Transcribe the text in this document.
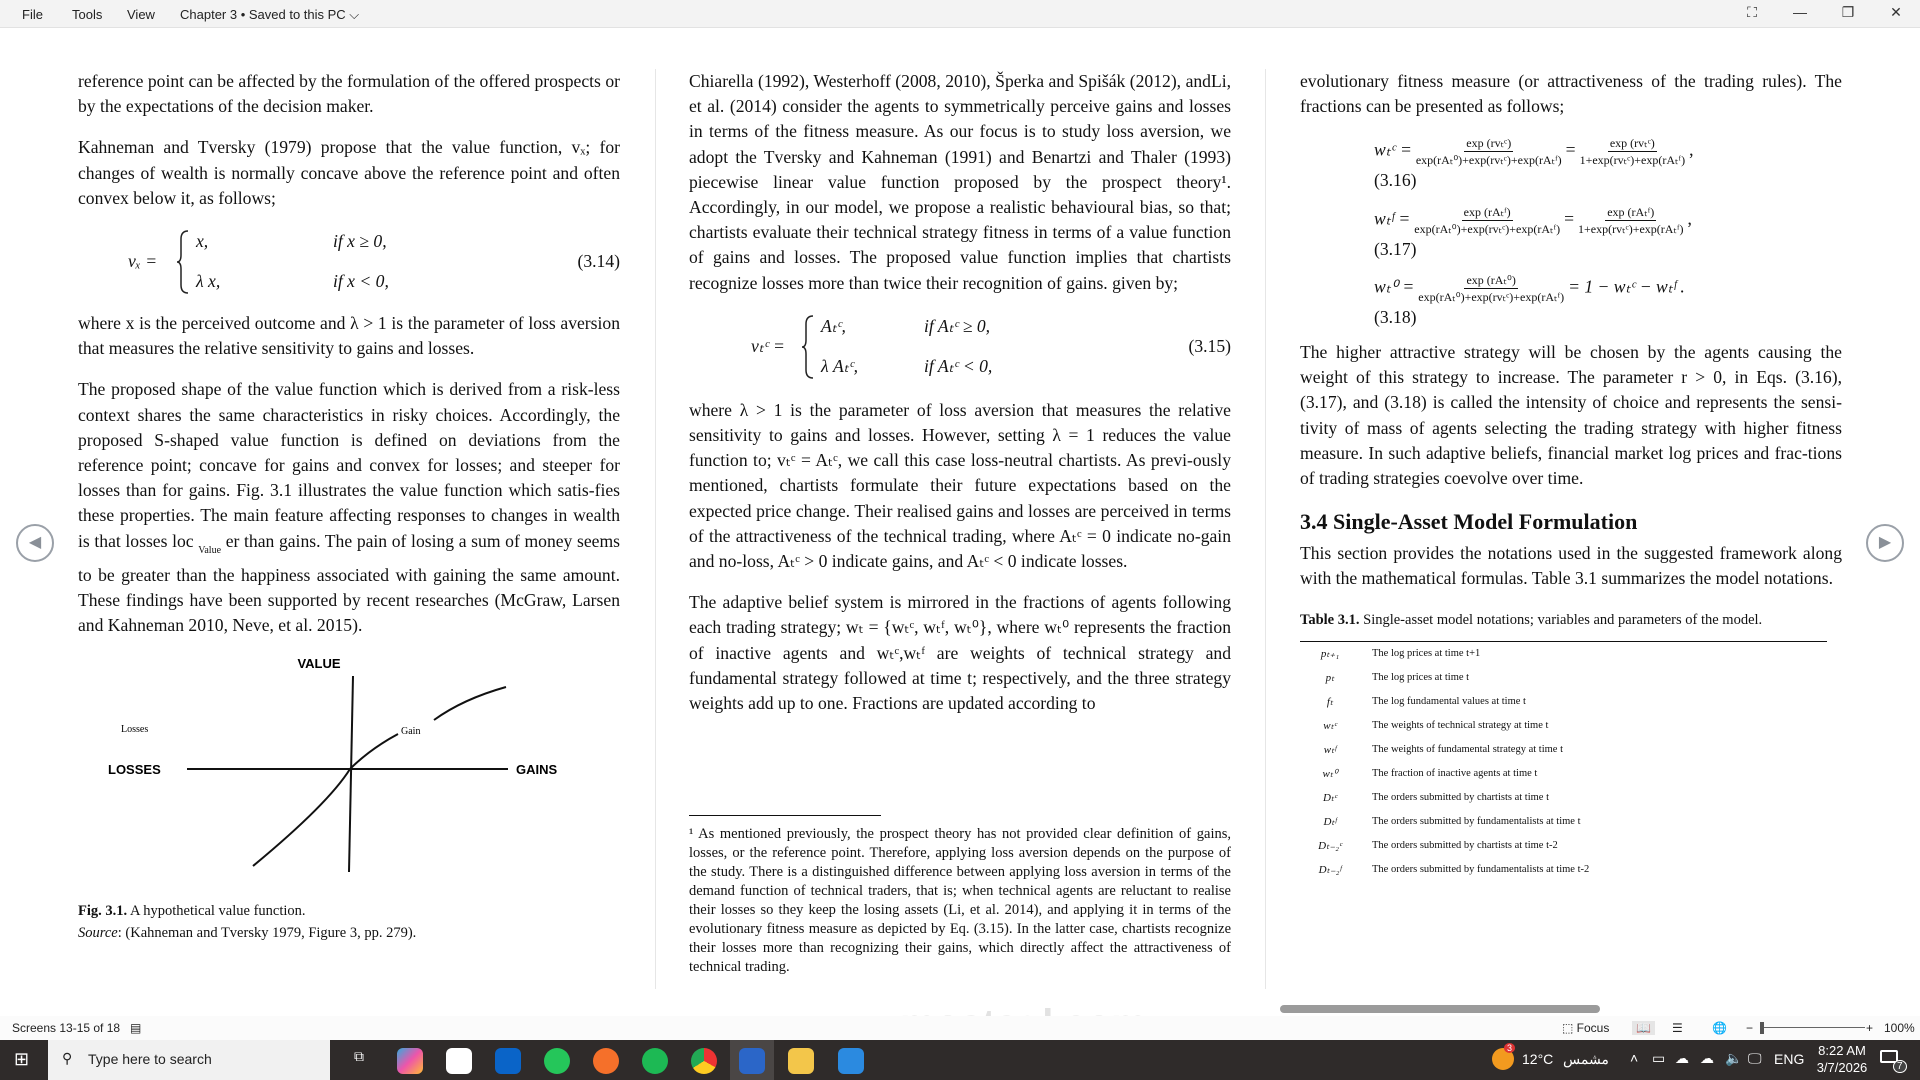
File Tools View Chapter 3 • Saved to this PC ⌵	⛶	—	❐	✕

reference point can be affected by the formulation of the offered prospects or by the expectations of the decision maker.

Kahneman and Tversky (1979) propose that the value function, vₓ; for changes of wealth is normally concave above the reference point and often convex below it, as follows;

vₓ =
x,	if x ≥ 0,
λ x,	if x < 0,
(3.14)

where x is the perceived outcome and λ > 1 is the parameter of loss aversion that measures the relative sensitivity to gains and losses.

The proposed shape of the value function which is derived from a risk-less context shares the same characteristics in risky choices. Accordingly, the proposed S-shaped value function is defined on deviations from the reference point; concave for gains and convex for losses; and steeper for losses than for gains. Fig. 3.1 illustrates the value function which satis-fies these properties. The main feature affecting responses to changes in wealth is that losses loc $_{Value}$ er than gains. The pain of losing a sum of money seems to be greater than the happiness associated with gaining the same amount. These findings have been supported by recent researches (McGraw, Larsen and Kahneman 2010, Neve, et al. 2015).

VALUE
LOSSES	GAINS
Losses	Gain
Fig. 3.1. A hypothetical value function.
Source: (Kahneman and Tversky 1979, Figure 3, pp. 279).

Chiarella (1992), Westerhoff (2008, 2010), Šperka and Spišák (2012), andLi, et al. (2014) consider the agents to symmetrically perceive gains and losses in terms of the fitness measure. As our focus is to study loss aversion, we adopt the Tversky and Kahneman (1991) and Benartzi and Thaler (1993) piecewise linear value function proposed by the prospect theory¹. Accordingly, in our model, we propose a realistic behavioural bias, so that; chartists evaluate their technical strategy fitness in terms of a value function of gains and losses. The proposed value function implies that chartists recognize losses more than twice their recognition of gains. given by;

vₜᶜ =
Aₜᶜ,	if Aₜᶜ ≥ 0,
λ Aₜᶜ,	if Aₜᶜ < 0,
(3.15)

where λ > 1 is the parameter of loss aversion that measures the relative sensitivity to gains and losses. However, setting λ = 1 reduces the value function to; vₜᶜ = Aₜᶜ, we call this case loss-neutral chartists. As previ-ously mentioned, chartists formulate their future expectations based on the expected price change. Their realised gains and losses are perceived in terms of the attractiveness of the technical trading, where Aₜᶜ = 0 indicate no-gain and no-loss, Aₜᶜ > 0 indicate gains, and Aₜᶜ < 0 indicate losses.

The adaptive belief system is mirrored in the fractions of agents following each trading strategy; wₜ = {wₜᶜ, wₜᶠ, wₜ⁰}, where wₜ⁰ represents the fraction of inactive agents and wₜᶜ,wₜᶠ are weights of technical strategy and fundamental strategy followed at time t; respectively, and the three strategy weights add up to one. Fractions are updated according to

¹ As mentioned previously, the prospect theory has not provided clear definition of gains, losses, or the reference point. Therefore, applying loss aversion depends on the purpose of the study. There is a distinguished difference between applying loss aversion in terms of the demand function of technical traders, that is; when technical agents are reluctant to realise their losses so they keep the losing assets (Li, et al. 2014), and applying it in terms of the evolutionary fitness measure as depicted by Eq. (3.15). In the latter case, chartists recognize their losses more than recognizing their gains, which directly affect the attractiveness of technical trading.

evolutionary fitness measure (or attractiveness of the trading rules). The fractions can be presented as follows;

wₜᶜ = $\frac{\text{exp (rvₜᶜ)}}{\text{exp(rAₜ⁰)+exp(rvₜᶜ)+exp(rAₜᶠ)}} = \frac{\text{exp (rvₜᶜ)}}{\text{1+exp(rvₜᶜ)+exp(rAₜᶠ)}}$ ,
(3.16)
wₜᶠ = $\frac{\text{exp (rAₜᶠ)}}{\text{exp(rAₜ⁰)+exp(rvₜᶜ)+exp(rAₜᶠ)}} = \frac{\text{exp (rAₜᶠ)}}{\text{1+exp(rvₜᶜ)+exp(rAₜᶠ)}}$ ,
(3.17)
$w_t^0 = \frac{\text{exp (rAₜ⁰)}}{\text{exp(rAₜ⁰)+exp(rvₜᶜ)+exp(rAₜᶠ)}} = 1$ − wₜᶜ − wₜᶠ .
(3.18)

The higher attractive strategy will be chosen by the agents causing the weight of this strategy to increase. The parameter r > 0, in Eqs. (3.16), (3.17), and (3.18) is called the intensity of choice and represents the sensi-tivity of mass of agents selecting the trading strategy with higher fitness measure. In such adaptive beliefs, financial market log prices and frac-tions of trading strategies coevolve over time.

3.4 Single-Asset Model Formulation

This section provides the notations used in the suggested framework along with the mathematical formulas. Table 3.1 summarizes the model notations.

Table 3.1. Single-asset model notations; variables and parameters of the model.
pₜ₊₁	The log prices at time t+1
pₜ	The log prices at time t
fₜ	The log fundamental values at time t
wₜᶜ	The weights of technical strategy at time t
wₜᶠ	The weights of fundamental strategy at time t
wₜ⁰	The fraction of inactive agents at time t
Dₜᶜ	The orders submitted by chartists at time t
Dₜᶠ	The orders submitted by fundamentalists at time t
Dₜ₋₂ᶜ	The orders submitted by chartists at time t-2
Dₜ₋₂ᶠ	The orders submitted by fundamentalists at time t-2
◀	▶
Screens 13-15 of 18 ▤	⬚ Focus	📖	☰ 🌐 −	+ 100%
⊞ ⚲ Type here to search	⧉	3
12°C مشمس ˄ ▭ ☁ ☁ 🔈 🖵 ENG
8:22 AM
3/7/2026	7
